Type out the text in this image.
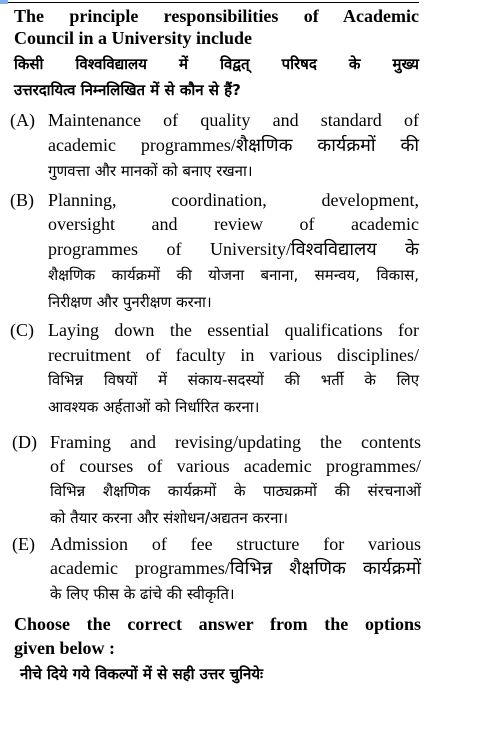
The principle responsibilities of Academic
Council in a University include
किसी विश्वविद्यालय में विद्वत् परिषद के मुख्य
उत्तरदायित्व निम्नलिखित में से कौन से हैं?
(A) Maintenance of quality and standard of
academic programmes/शैक्षणिक कार्यक्रमों की
गुणवत्ता और मानकों को बनाए रखना।
(B) Planning, coordination, development,
oversight and review of academic
programmes of University/विश्वविद्यालय के
शैक्षणिक कार्यक्रमों की योजना बनाना, समन्वय, विकास,
निरीक्षण और पुनरीक्षण करना।
(C) Laying down the essential qualifications for
recruitment of faculty in various disciplines/
विभिन्न विषयों में संकाय-सदस्यों की भर्ती के लिए
आवश्यक अर्हताओं को निर्धारित करना।
(D) Framing and revising/updating the contents
of courses of various academic programmes/
विभिन्न शैक्षणिक कार्यक्रमों के पाठ्यक्रमों की संरचनाओं
को तैयार करना और संशोधन/अद्यतन करना।
(E) Admission of fee structure for various
academic programmes/विभिन्न शैक्षणिक कार्यक्रमों
के लिए फीस के ढांचे की स्वीकृति।
Choose the correct answer from the options
given below :
नीचे दिये गये विकल्पों में से सही उत्तर चुनियेः
